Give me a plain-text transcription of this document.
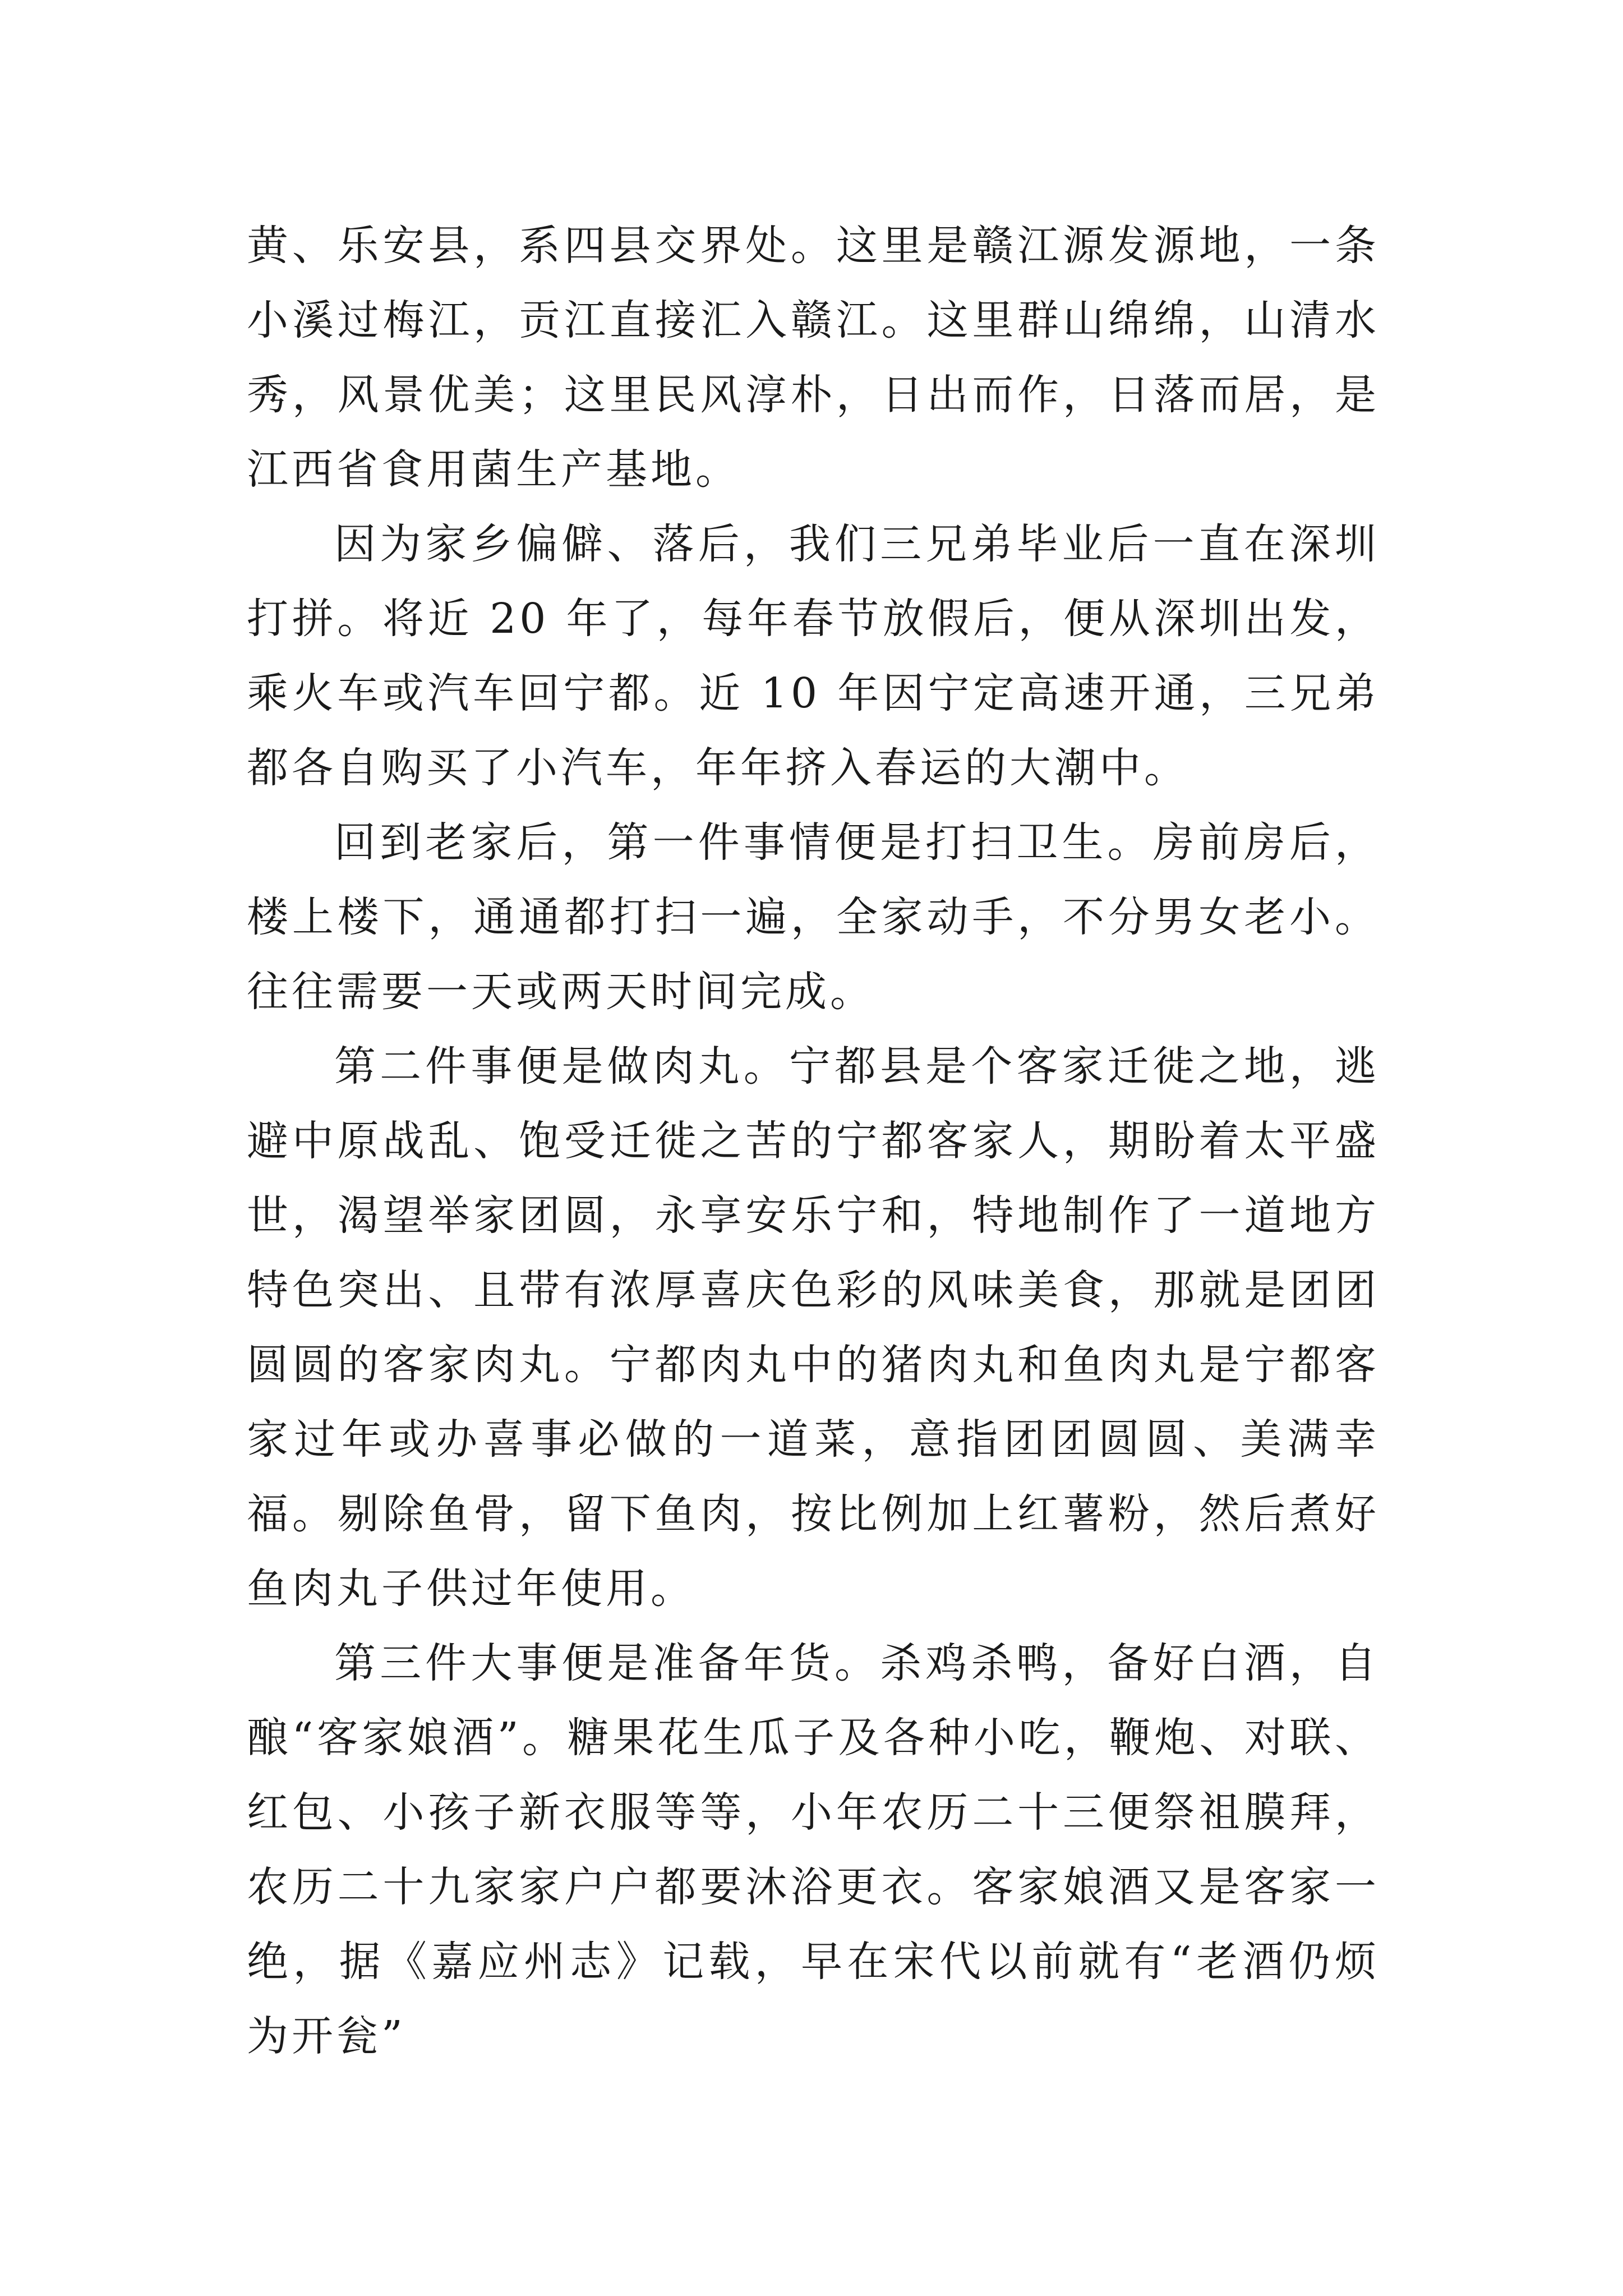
黄、乐安县，系四县交界处。这里是赣江源发源地，一条小溪过梅江，贡江直接汇入赣江。这里群山绵绵，山清水秀，风景优美；这里民风淳朴，日出而作，日落而居，是江西省食用菌生产基地。

因为家乡偏僻、落后，我们三兄弟毕业后一直在深圳打拼。将近 20 年了，每年春节放假后，便从深圳出发，乘火车或汽车回宁都。近 10 年因宁定高速开通，三兄弟都各自购买了小汽车，年年挤入春运的大潮中。

回到老家后，第一件事情便是打扫卫生。房前房后，楼上楼下，通通都打扫一遍，全家动手，不分男女老小。往往需要一天或两天时间完成。

第二件事便是做肉丸。宁都县是个客家迁徙之地，逃避中原战乱、饱受迁徙之苦的宁都客家人，期盼着太平盛世，渴望举家团圆，永享安乐宁和，特地制作了一道地方特色突出、且带有浓厚喜庆色彩的风味美食，那就是团团圆圆的客家肉丸。宁都肉丸中的猪肉丸和鱼肉丸是宁都客家过年或办喜事必做的一道菜，意指团团圆圆、美满幸福。剔除鱼骨，留下鱼肉，按比例加上红薯粉，然后煮好鱼肉丸子供过年使用。

第三件大事便是准备年货。杀鸡杀鸭，备好白酒，自酿“客家娘酒”。糖果花生瓜子及各种小吃，鞭炮、对联、红包、小孩子新衣服等等，小年农历二十三便祭祖膜拜，农历二十九家家户户都要沐浴更衣。客家娘酒又是客家一绝，据《嘉应州志》记载，早在宋代以前就有“老酒仍烦为开瓮”
